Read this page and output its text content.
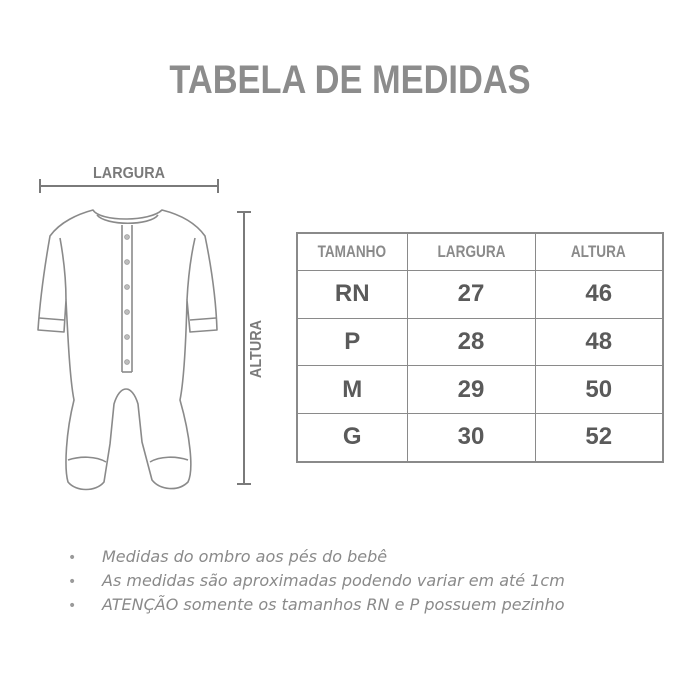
TABELA DE MEDIDAS
LARGURA
ALTURA
TAMANHO	LARGURA	ALTURA
RN	27	46
P	28	48
M	29	50
G	30	52
• Medidas do ombro aos pés do bebê
• As medidas são aproximadas podendo variar em até 1cm
• ATENÇÃO somente os tamanhos RN e P possuem pezinho
